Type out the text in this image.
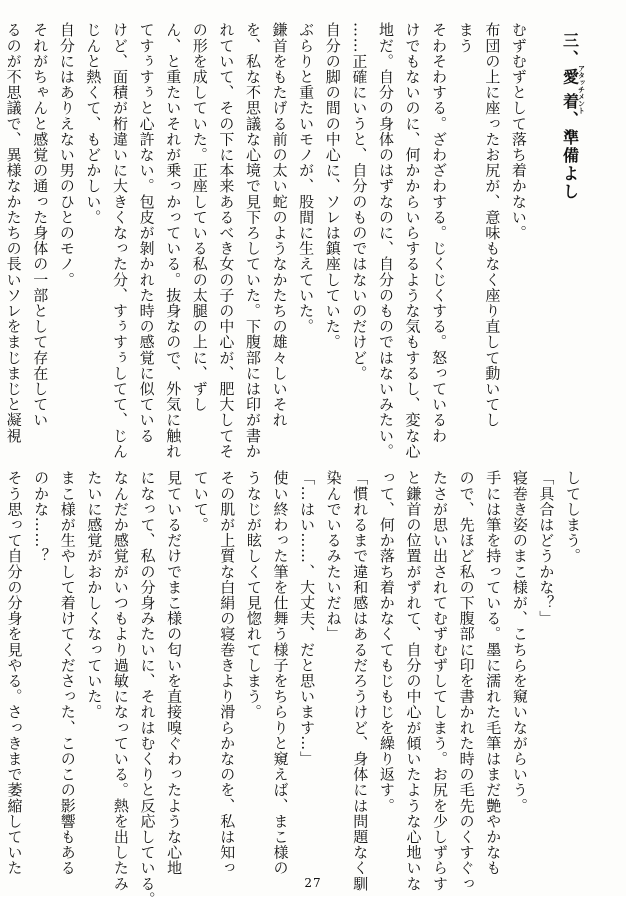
三、愛着アタッチメント、準備よし
むずむずとして落ち着かない。
布団の上に座ったお尻が、意味もなく座り直して動いてし
まう
そわそわする。ざわざわする。じくじくする。怒っているわ
けでもないのに、何かからいらするような気もするし、変な心
地だ。自分の身体のはずなのに、自分のものではないみたい。
……正確にいうと、自分のものではないのだけど。
自分の脚の間の中心に、ソレは鎮座していた。
ぶらりと重たいモノが、股間に生えていた。
鎌首をもたげる前の太い蛇のようなかたちの雄々しいそれ
を、私な不思議な心境で見下ろしていた。下腹部には印が書か
れていて、その下に本来あるべき女の子の中心が、肥大してそ
の形を成していた。正座している私の太腿の上に、ずし
ん、と重たいそれが乗っかっている。抜身なので、外気に触れ
てすぅすぅと心許ない。包皮が剝かれた時の感覚に似ている
けど、面積が桁違いに大きくなった分、すぅすぅしてて、じん
じんと熱くて、もどかしい。
自分にはありえない男のひとのモノ。
それがちゃんと感覚の通った身体の一部として存在してい
るのが不思議で、異様なかたちの長いソレをまじまじと凝視
してしまう。
「具合はどうかな？」
寝巻き姿のまこ様が、こちらを窺いながらいう。
手には筆を持っている。墨に濡れた毛筆はまだ艶やかなも
ので、先ほど私の下腹部に印を書かれた時の毛先のくすぐっ
たさが思い出されてむずむずしてしまう。お尻を少しずらす
と鎌首の位置がずれて、自分の中心が傾いたような心地いな
って、何か落ち着かなくてもじもじを繰り返す。
「慣れるまで違和感はあるだろうけど、身体には問題なく馴
染んでいるみたいだね」
「…はい……、大丈夫、だと思います…」
使い終わった筆を仕舞う様子をちらりと窺えば、まこ様の
うなじが眩しくて見惚れてしまう。
その肌が上質な白絹の寝巻きより滑らかなのを、私は知っ
ていて。
見ているだけでまこ様の匂いを直接嗅ぐわったような心地
になって、私の分身みたいに、それはむくりと反応している。
なんだか感覚がいつもより過敏になっている。熱を出したみ
たいに感覚がおかしくなっていた。
まこ様が生やして着けてくださった、このこの影響もある
のかな……？
そう思って自分の分身を見やる。さっきまで萎縮していた
27
